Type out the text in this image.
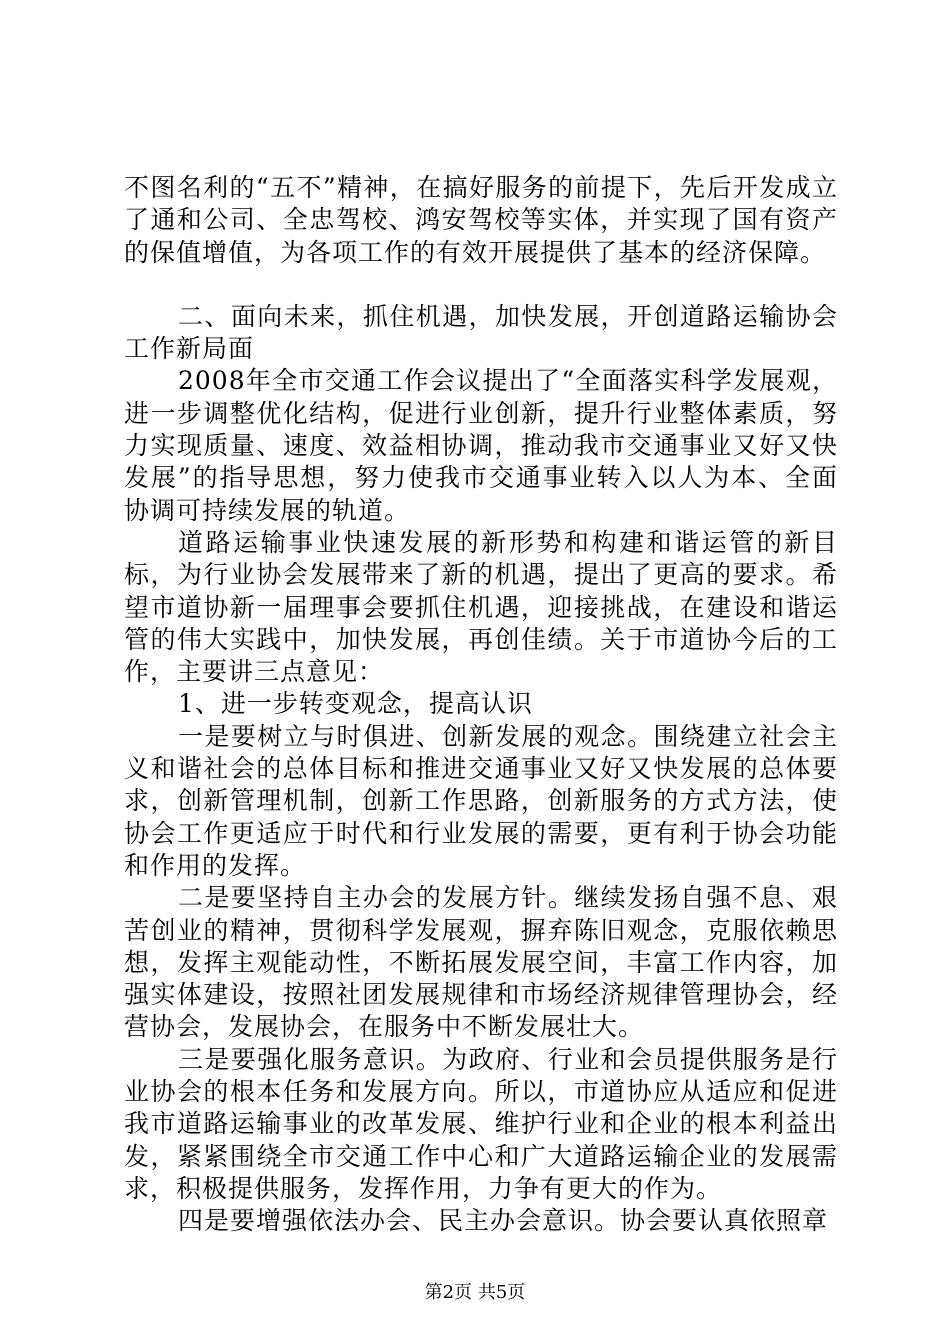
不图名利的“五不”精神，在搞好服务的前提下，先后开发成立了通和公司、全忠驾校、鸿安驾校等实体，并实现了国有资产的保值增值，为各项工作的有效开展提供了基本的经济保障。

二、面向未来，抓住机遇，加快发展，开创道路运输协会工作新局面

2008年全市交通工作会议提出了“全面落实科学发展观，进一步调整优化结构，促进行业创新，提升行业整体素质，努力实现质量、速度、效益相协调，推动我市交通事业又好又快发展”的指导思想，努力使我市交通事业转入以人为本、全面协调可持续发展的轨道。

道路运输事业快速发展的新形势和构建和谐运管的新目标，为行业协会发展带来了新的机遇，提出了更高的要求。希望市道协新一届理事会要抓住机遇，迎接挑战，在建设和谐运管的伟大实践中，加快发展，再创佳绩。关于市道协今后的工作，主要讲三点意见：

1、进一步转变观念，提高认识

一是要树立与时俱进、创新发展的观念。围绕建立社会主义和谐社会的总体目标和推进交通事业又好又快发展的总体要求，创新管理机制，创新工作思路，创新服务的方式方法，使协会工作更适应于时代和行业发展的需要，更有利于协会功能和作用的发挥。

二是要坚持自主办会的发展方针。继续发扬自强不息、艰苦创业的精神，贯彻科学发展观，摒弃陈旧观念，克服依赖思想，发挥主观能动性，不断拓展发展空间，丰富工作内容，加强实体建设，按照社团发展规律和市场经济规律管理协会，经营协会，发展协会，在服务中不断发展壮大。

三是要强化服务意识。为政府、行业和会员提供服务是行业协会的根本任务和发展方向。所以，市道协应从适应和促进我市道路运输事业的改革发展、维护行业和企业的根本利益出发，紧紧围绕全市交通工作中心和广大道路运输企业的发展需求，积极提供服务，发挥作用，力争有更大的作为。

四是要增强依法办会、民主办会意识。协会要认真依照章

第2页 共5页
